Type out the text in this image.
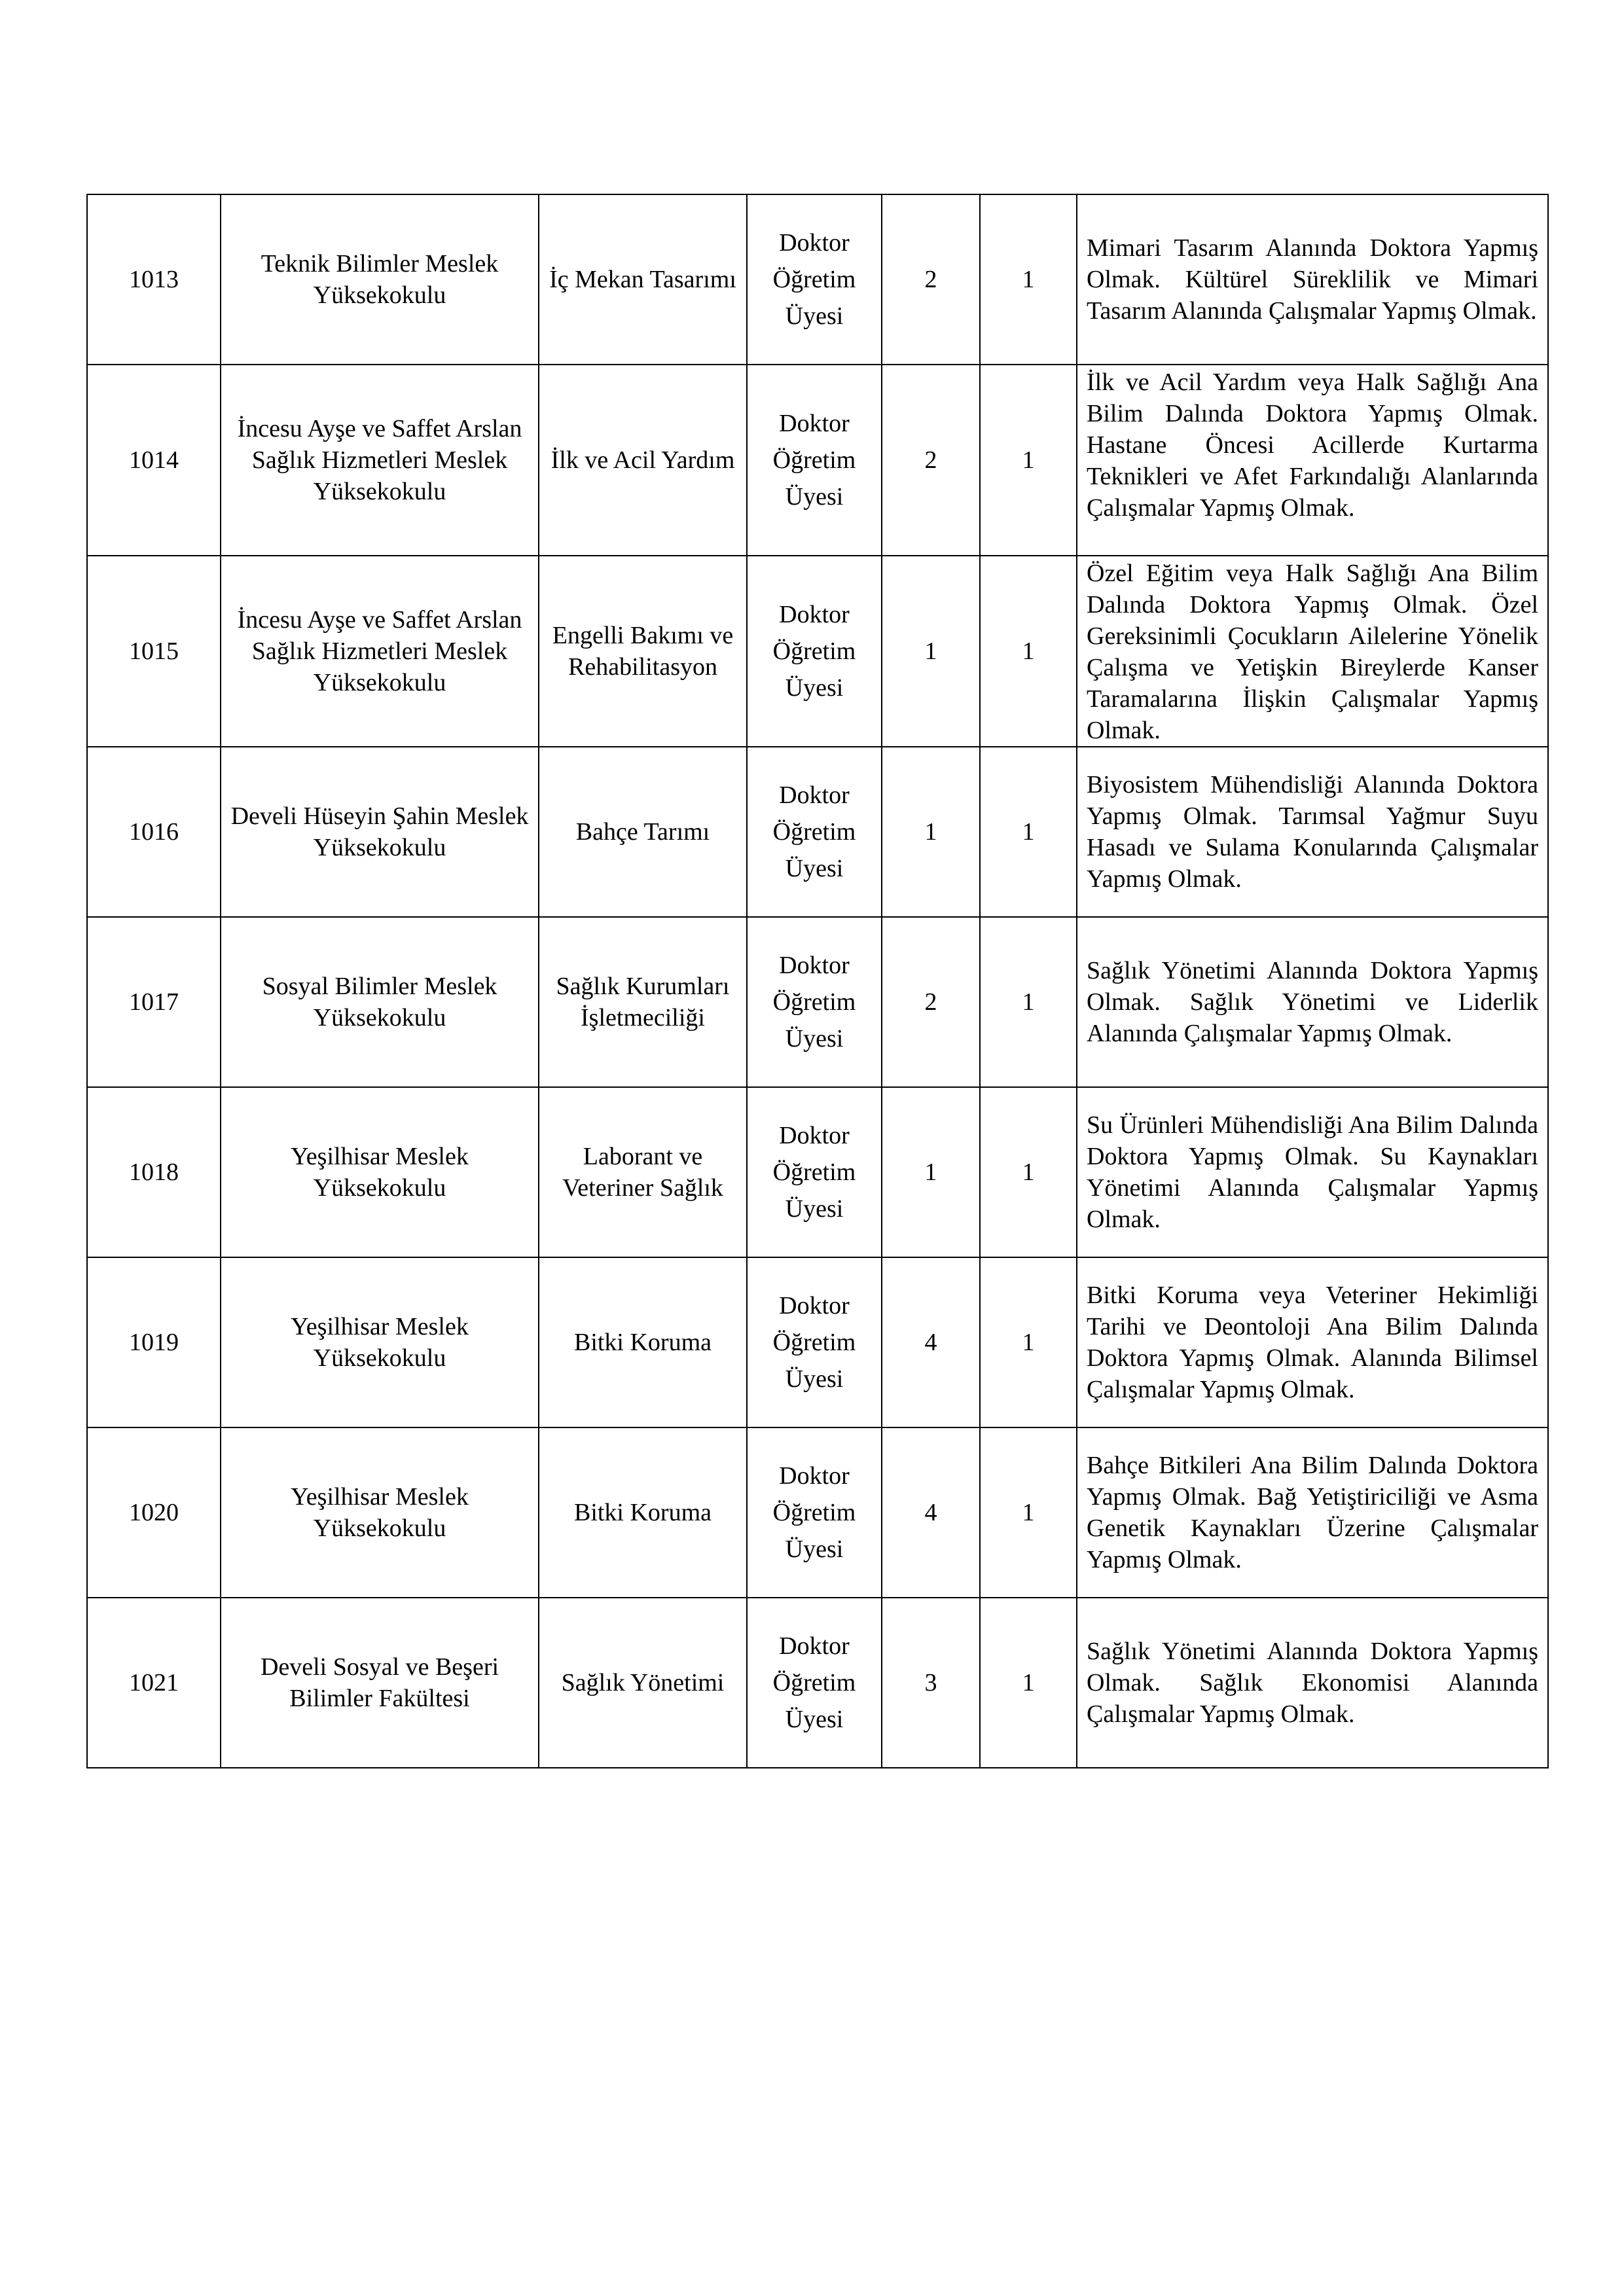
1013	Teknik Bilimler Meslek Yüksekokulu	İç Mekan Tasarımı	Doktor Öğretim Üyesi	2	1	Mimari Tasarım Alanında Doktora Yapmış Olmak. Kültürel Süreklilik ve Mimari Tasarım Alanında Çalışmalar Yapmış Olmak.
1014	İncesu Ayşe ve Saffet Arslan Sağlık Hizmetleri Meslek Yüksekokulu	İlk ve Acil Yardım	Doktor Öğretim Üyesi	2	1	İlk ve Acil Yardım veya Halk Sağlığı Ana Bilim Dalında Doktora Yapmış Olmak. Hastane Öncesi Acillerde Kurtarma Teknikleri ve Afet Farkındalığı Alanlarında Çalışmalar Yapmış Olmak.
1015	İncesu Ayşe ve Saffet Arslan Sağlık Hizmetleri Meslek Yüksekokulu	Engelli Bakımı ve Rehabilitasyon	Doktor Öğretim Üyesi	1	1	Özel Eğitim veya Halk Sağlığı Ana Bilim Dalında Doktora Yapmış Olmak. Özel Gereksinimli Çocukların Ailelerine Yönelik Çalışma ve Yetişkin Bireylerde Kanser Taramalarına İlişkin Çalışmalar Yapmış Olmak.
1016	Develi Hüseyin Şahin Meslek Yüksekokulu	Bahçe Tarımı	Doktor Öğretim Üyesi	1	1	Biyosistem Mühendisliği Alanında Doktora Yapmış Olmak. Tarımsal Yağmur Suyu Hasadı ve Sulama Konularında Çalışmalar Yapmış Olmak.
1017	Sosyal Bilimler Meslek Yüksekokulu	Sağlık Kurumları İşletmeciliği	Doktor Öğretim Üyesi	2	1	Sağlık Yönetimi Alanında Doktora Yapmış Olmak. Sağlık Yönetimi ve Liderlik Alanında Çalışmalar Yapmış Olmak.
1018	Yeşilhisar Meslek Yüksekokulu	Laborant ve Veteriner Sağlık	Doktor Öğretim Üyesi	1	1	Su Ürünleri Mühendisliği Ana Bilim Dalında Doktora Yapmış Olmak. Su Kaynakları Yönetimi Alanında Çalışmalar Yapmış Olmak.
1019	Yeşilhisar Meslek Yüksekokulu	Bitki Koruma	Doktor Öğretim Üyesi	4	1	Bitki Koruma veya Veteriner Hekimliği Tarihi ve Deontoloji Ana Bilim Dalında Doktora Yapmış Olmak. Alanında Bilimsel Çalışmalar Yapmış Olmak.
1020	Yeşilhisar Meslek Yüksekokulu	Bitki Koruma	Doktor Öğretim Üyesi	4	1	Bahçe Bitkileri Ana Bilim Dalında Doktora Yapmış Olmak. Bağ Yetiştiriciliği ve Asma Genetik Kaynakları Üzerine Çalışmalar Yapmış Olmak.
1021	Develi Sosyal ve Beşeri Bilimler Fakültesi	Sağlık Yönetimi	Doktor Öğretim Üyesi	3	1	Sağlık Yönetimi Alanında Doktora Yapmış Olmak. Sağlık Ekonomisi Alanında Çalışmalar Yapmış Olmak.
